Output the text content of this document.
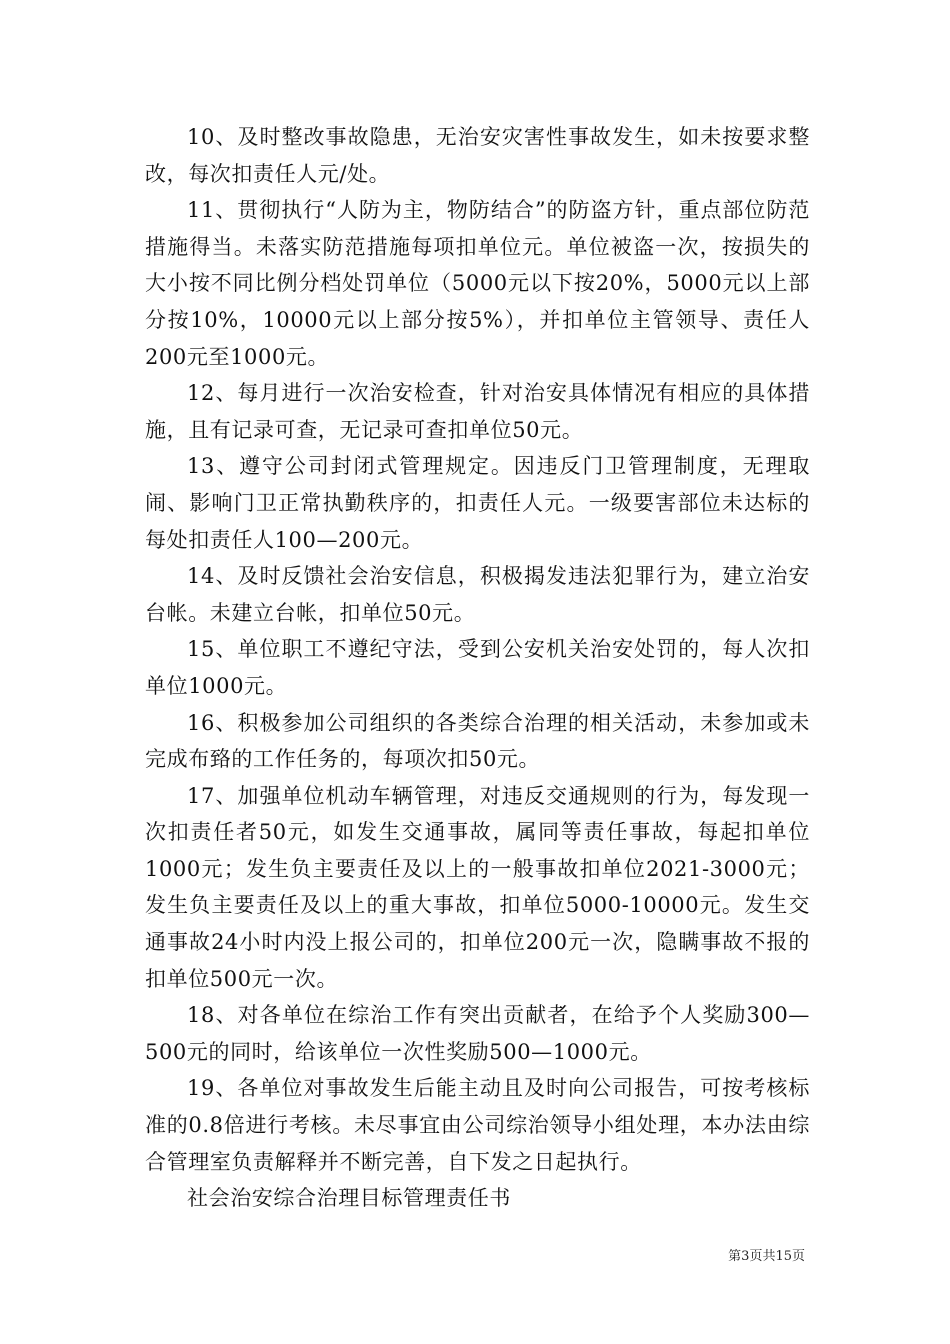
10、及时整改事故隐患，无治安灾害性事故发生，如未按要求整改，每次扣责任人元/处。

11、贯彻执行“人防为主，物防结合”的防盗方针，重点部位防范措施得当。未落实防范措施每项扣单位元。单位被盗一次，按损失的大小按不同比例分档处罚单位（5000元以下按20%，5000元以上部分按10%，10000元以上部分按5%），并扣单位主管领导、责任人200元至1000元。

12、每月进行一次治安检查，针对治安具体情况有相应的具体措施，且有记录可查，无记录可查扣单位50元。

13、遵守公司封闭式管理规定。因违反门卫管理制度，无理取闹、影响门卫正常执勤秩序的，扣责任人元。一级要害部位未达标的每处扣责任人100—200元。

14、及时反馈社会治安信息，积极揭发违法犯罪行为，建立治安台帐。未建立台帐，扣单位50元。

15、单位职工不遵纪守法，受到公安机关治安处罚的，每人次扣单位1000元。

16、积极参加公司组织的各类综合治理的相关活动，未参加或未完成布臵的工作任务的，每项次扣50元。

17、加强单位机动车辆管理，对违反交通规则的行为，每发现一次扣责任者50元，如发生交通事故，属同等责任事故，每起扣单位1000元；发生负主要责任及以上的一般事故扣单位2021-3000元；发生负主要责任及以上的重大事故，扣单位5000-10000元。发生交通事故24小时内没上报公司的，扣单位200元一次，隐瞒事故不报的扣单位500元一次。

18、对各单位在综治工作有突出贡献者，在给予个人奖励300—500元的同时，给该单位一次性奖励500—1000元。

19、各单位对事故发生后能主动且及时向公司报告，可按考核标准的0.8倍进行考核。未尽事宜由公司综治领导小组处理，本办法由综合管理室负责解释并不断完善，自下发之日起执行。

社会治安综合治理目标管理责任书

第3页共15页
